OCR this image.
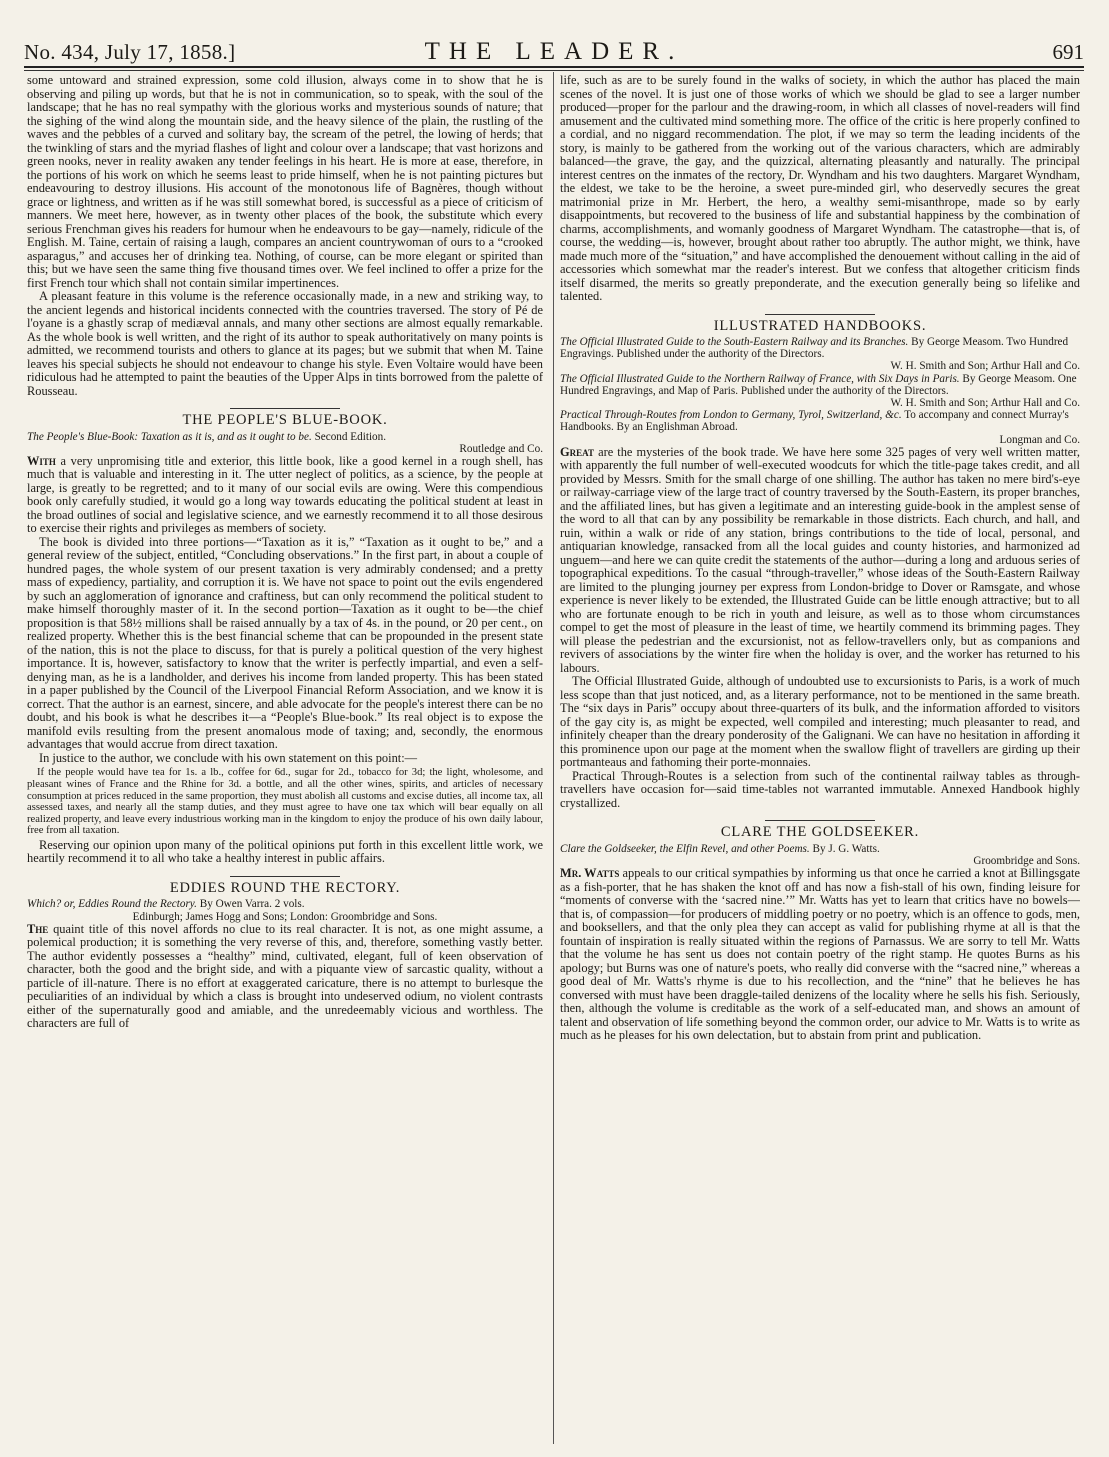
No. 434, July 17, 1858.]	THE LEADER.	691

some untoward and strained expression, some cold illusion, always come in to show that he is observing and piling up words, but that he is not in communication, so to speak, with the soul of the landscape; that he has no real sympathy with the glorious works and mysterious sounds of nature; that the sighing of the wind along the mountain side, and the heavy silence of the plain, the rustling of the waves and the pebbles of a curved and solitary bay, the scream of the petrel, the lowing of herds; that the twinkling of stars and the myriad flashes of light and colour over a landscape; that vast horizons and green nooks, never in reality awaken any tender feelings in his heart. He is more at ease, therefore, in the portions of his work on which he seems least to pride himself, when he is not painting pictures but endeavouring to destroy illusions. His account of the monotonous life of Bagnères, though without grace or lightness, and written as if he was still somewhat bored, is successful as a piece of criticism of manners. We meet here, however, as in twenty other places of the book, the substitute which every serious Frenchman gives his readers for humour when he endeavours to be gay—namely, ridicule of the English. M. Taine, certain of raising a laugh, compares an ancient countrywoman of ours to a “crooked asparagus,” and accuses her of drinking tea. Nothing, of course, can be more elegant or spirited than this; but we have seen the same thing five thousand times over. We feel inclined to offer a prize for the first French tour which shall not contain similar impertinences.

A pleasant feature in this volume is the reference occasionally made, in a new and striking way, to the ancient legends and historical incidents connected with the countries traversed. The story of Pé de l'oyane is a ghastly scrap of mediæval annals, and many other sections are almost equally remarkable. As the whole book is well written, and the right of its author to speak authoritatively on many points is admitted, we recommend tourists and others to glance at its pages; but we submit that when M. Taine leaves his special subjects he should not endeavour to change his style. Even Voltaire would have been ridiculous had he attempted to paint the beauties of the Upper Alps in tints borrowed from the palette of Rousseau.

THE PEOPLE'S BLUE-BOOK.
The People's Blue-Book: Taxation as it is, and as it ought to be. Second Edition.
Routledge and Co.

With a very unpromising title and exterior, this little book, like a good kernel in a rough shell, has much that is valuable and interesting in it. The utter neglect of politics, as a science, by the people at large, is greatly to be regretted; and to it many of our social evils are owing. Were this compendious book only carefully studied, it would go a long way towards educating the political student at least in the broad outlines of social and legislative science, and we earnestly recommend it to all those desirous to exercise their rights and privileges as members of society.

The book is divided into three portions—“Taxation as it is,” “Taxation as it ought to be,” and a general review of the subject, entitled, “Concluding observations.” In the first part, in about a couple of hundred pages, the whole system of our present taxation is very admirably condensed; and a pretty mass of expediency, partiality, and corruption it is. We have not space to point out the evils engendered by such an agglomeration of ignorance and craftiness, but can only recommend the political student to make himself thoroughly master of it. In the second portion—Taxation as it ought to be—the chief proposition is that 58½ millions shall be raised annually by a tax of 4s. in the pound, or 20 per cent., on realized property. Whether this is the best financial scheme that can be propounded in the present state of the nation, this is not the place to discuss, for that is purely a political question of the very highest importance. It is, however, satisfactory to know that the writer is perfectly impartial, and even a self-denying man, as he is a landholder, and derives his income from landed property. This has been stated in a paper published by the Council of the Liverpool Financial Reform Association, and we know it is correct. That the author is an earnest, sincere, and able advocate for the people's interest there can be no doubt, and his book is what he describes it—a “People's Blue-book.” Its real object is to expose the manifold evils resulting from the present anomalous mode of taxing; and, secondly, the enormous advantages that would accrue from direct taxation.

In justice to the author, we conclude with his own statement on this point:—

If the people would have tea for 1s. a lb., coffee for 6d., sugar for 2d., tobacco for 3d; the light, wholesome, and pleasant wines of France and the Rhine for 3d. a bottle, and all the other wines, spirits, and articles of necessary consumption at prices reduced in the same proportion, they must abolish all customs and excise duties, all income tax, all assessed taxes, and nearly all the stamp duties, and they must agree to have one tax which will bear equally on all realized property, and leave every industrious working man in the kingdom to enjoy the produce of his own daily labour, free from all taxation.

Reserving our opinion upon many of the political opinions put forth in this excellent little work, we heartily recommend it to all who take a healthy interest in public affairs.

EDDIES ROUND THE RECTORY.
Which? or, Eddies Round the Rectory. By Owen Varra. 2 vols.
Edinburgh; James Hogg and Sons; London: Groombridge and Sons.

The quaint title of this novel affords no clue to its real character. It is not, as one might assume, a polemical production; it is something the very reverse of this, and, therefore, something vastly better. The author evidently possesses a “healthy” mind, cultivated, elegant, full of keen observation of character, both the good and the bright side, and with a piquante view of sarcastic quality, without a particle of ill-nature. There is no effort at exaggerated caricature, there is no attempt to burlesque the peculiarities of an individual by which a class is brought into undeserved odium, no violent contrasts either of the supernaturally good and amiable, and the unredeemably vicious and worthless. The characters are full of

life, such as are to be surely found in the walks of society, in which the author has placed the main scenes of the novel. It is just one of those works of which we should be glad to see a larger number produced—proper for the parlour and the drawing-room, in which all classes of novel-readers will find amusement and the cultivated mind something more. The office of the critic is here properly confined to a cordial, and no niggard recommendation. The plot, if we may so term the leading incidents of the story, is mainly to be gathered from the working out of the various characters, which are admirably balanced—the grave, the gay, and the quizzical, alternating pleasantly and naturally. The principal interest centres on the inmates of the rectory, Dr. Wyndham and his two daughters. Margaret Wyndham, the eldest, we take to be the heroine, a sweet pure-minded girl, who deservedly secures the great matrimonial prize in Mr. Herbert, the hero, a wealthy semi-misanthrope, made so by early disappointments, but recovered to the business of life and substantial happiness by the combination of charms, accomplishments, and womanly goodness of Margaret Wyndham. The catastrophe—that is, of course, the wedding—is, however, brought about rather too abruptly. The author might, we think, have made much more of the “situation,” and have accomplished the denouement without calling in the aid of accessories which somewhat mar the reader's interest. But we confess that altogether criticism finds itself disarmed, the merits so greatly preponderate, and the execution generally being so lifelike and talented.

ILLUSTRATED HANDBOOKS.
The Official Illustrated Guide to the South-Eastern Railway and its Branches. By George Measom. Two Hundred Engravings. Published under the authority of the Directors.
W. H. Smith and Son; Arthur Hall and Co.
The Official Illustrated Guide to the Northern Railway of France, with Six Days in Paris. By George Measom. One Hundred Engravings, and Map of Paris. Published under the authority of the Directors.
W. H. Smith and Son; Arthur Hall and Co.
Practical Through-Routes from London to Germany, Tyrol, Switzerland, &c. To accompany and connect Murray's Handbooks. By an Englishman Abroad.
Longman and Co.

Great are the mysteries of the book trade. We have here some 325 pages of very well written matter, with apparently the full number of well-executed woodcuts for which the title-page takes credit, and all provided by Messrs. Smith for the small charge of one shilling. The author has taken no mere bird's-eye or railway-carriage view of the large tract of country traversed by the South-Eastern, its proper branches, and the affiliated lines, but has given a legitimate and an interesting guide-book in the amplest sense of the word to all that can by any possibility be remarkable in those districts. Each church, and hall, and ruin, within a walk or ride of any station, brings contributions to the tide of local, personal, and antiquarian knowledge, ransacked from all the local guides and county histories, and harmonized ad unguem—and here we can quite credit the statements of the author—during a long and arduous series of topographical expeditions. To the casual “through-traveller,” whose ideas of the South-Eastern Railway are limited to the plunging journey per express from London-bridge to Dover or Ramsgate, and whose experience is never likely to be extended, the Illustrated Guide can be little enough attractive; but to all who are fortunate enough to be rich in youth and leisure, as well as to those whom circumstances compel to get the most of pleasure in the least of time, we heartily commend its brimming pages. They will please the pedestrian and the excursionist, not as fellow-travellers only, but as companions and revivers of associations by the winter fire when the holiday is over, and the worker has returned to his labours.

The Official Illustrated Guide, although of undoubted use to excursionists to Paris, is a work of much less scope than that just noticed, and, as a literary performance, not to be mentioned in the same breath. The “six days in Paris” occupy about three-quarters of its bulk, and the information afforded to visitors of the gay city is, as might be expected, well compiled and interesting; much pleasanter to read, and infinitely cheaper than the dreary ponderosity of the Galignani. We can have no hesitation in affording it this prominence upon our page at the moment when the swallow flight of travellers are girding up their portmanteaus and fathoming their porte-monnaies.

Practical Through-Routes is a selection from such of the continental railway tables as through-travellers have occasion for—said time-tables not warranted immutable. Annexed Handbook highly crystallized.

CLARE THE GOLDSEEKER.
Clare the Goldseeker, the Elfin Revel, and other Poems. By J. G. Watts.
Groombridge and Sons.

Mr. Watts appeals to our critical sympathies by informing us that once he carried a knot at Billingsgate as a fish-porter, that he has shaken the knot off and has now a fish-stall of his own, finding leisure for “moments of converse with the ‘sacred nine.’” Mr. Watts has yet to learn that critics have no bowels—that is, of compassion—for producers of middling poetry or no poetry, which is an offence to gods, men, and booksellers, and that the only plea they can accept as valid for publishing rhyme at all is that the fountain of inspiration is really situated within the regions of Parnassus. We are sorry to tell Mr. Watts that the volume he has sent us does not contain poetry of the right stamp. He quotes Burns as his apology; but Burns was one of nature's poets, who really did converse with the “sacred nine,” whereas a good deal of Mr. Watts's rhyme is due to his recollection, and the “nine” that he believes he has conversed with must have been draggle-tailed denizens of the locality where he sells his fish. Seriously, then, although the volume is creditable as the work of a self-educated man, and shows an amount of talent and observation of life something beyond the common order, our advice to Mr. Watts is to write as much as he pleases for his own delectation, but to abstain from print and publication.
